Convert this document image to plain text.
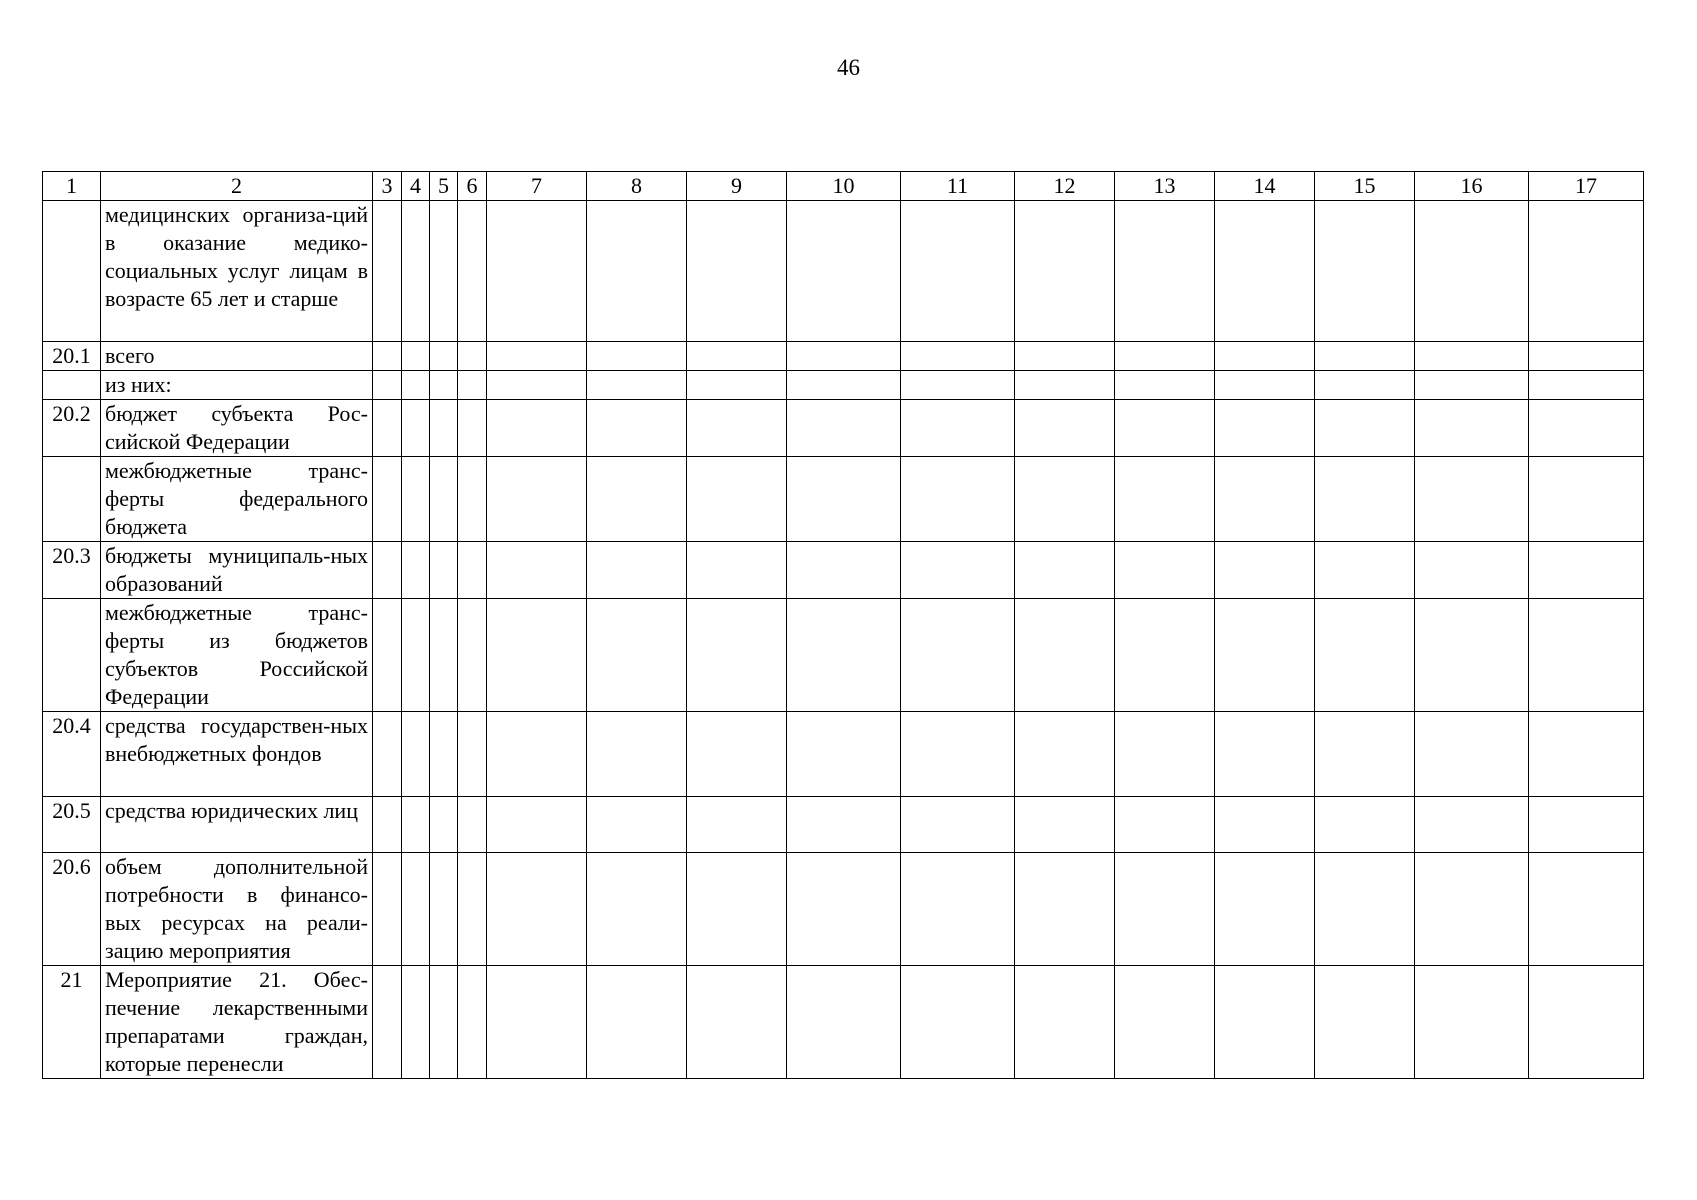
46
1	2	3	4	5	6	7	8	9	10	11	12	13	14	15	16	17
	медицинских организа-ций в оказание медико-социальных услуг лицам в возрасте 65 лет и старше															
20.1	всего															
	из них:															
20.2	бюджет субъекта Рос-сийской Федерации															
	межбюджетные транс-ферты федерального бюджета															
20.3	бюджеты муниципаль-ных образований															
	межбюджетные транс-ферты из бюджетов субъектов Российской Федерации															
20.4	средства государствен-ных внебюджетных фондов															
20.5	средства юридических лиц															
20.6	объем дополнительной потребности в финансо-вых ресурсах на реали-зацию мероприятия															
21	Мероприятие 21. Обес-печение лекарственными препаратами граждан, которые перенесли															
